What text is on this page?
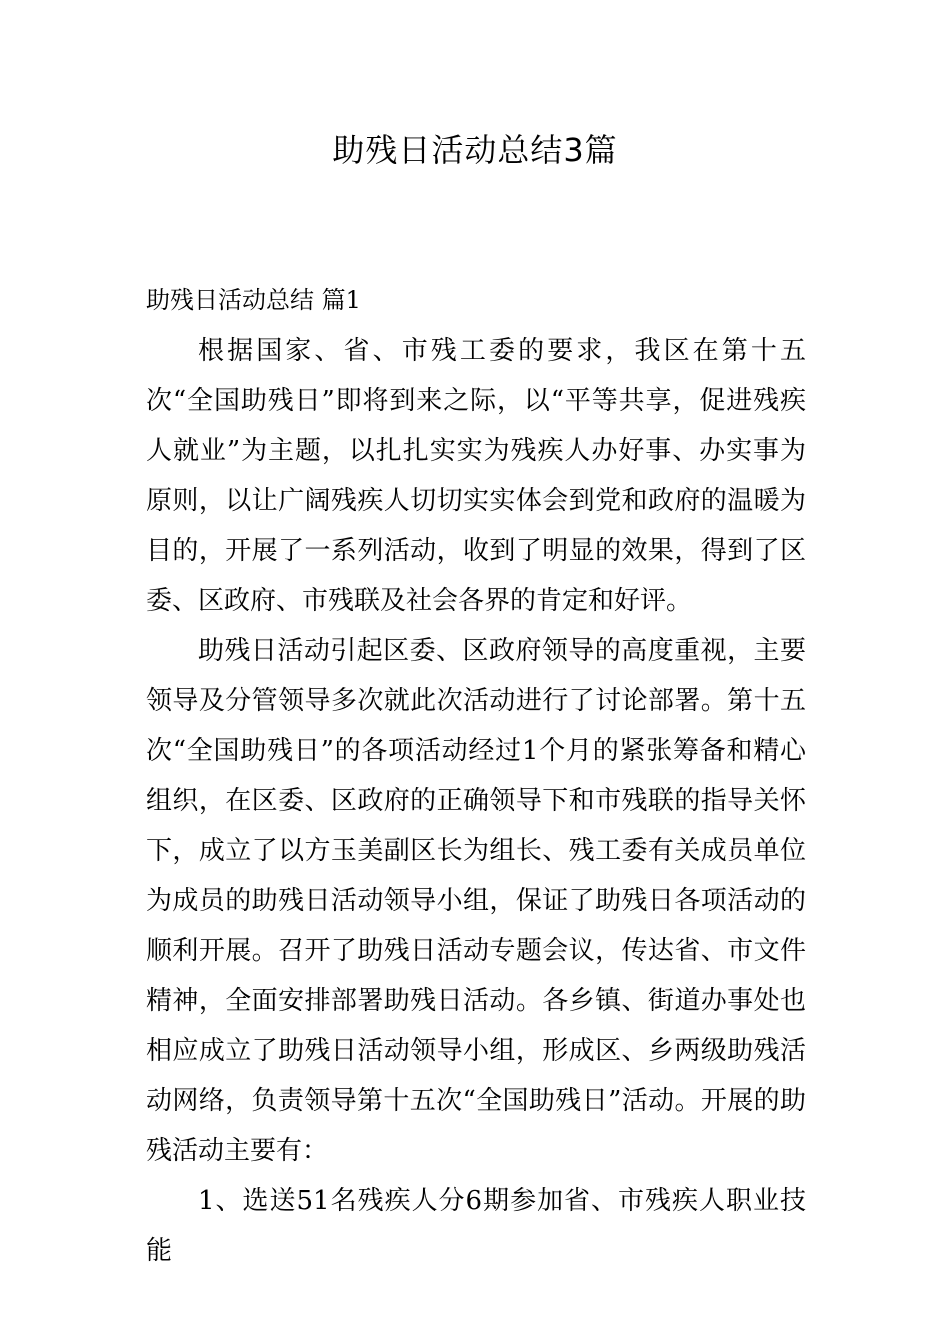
助残日活动总结3篇
助残日活动总结 篇1

根据国家、省、市残工委的要求，我区在第十五次“全国助残日”即将到来之际，以“平等共享，促进残疾人就业”为主题，以扎扎实实为残疾人办好事、办实事为原则，以让广阔残疾人切切实实体会到党和政府的温暖为目的，开展了一系列活动，收到了明显的效果，得到了区委、区政府、市残联及社会各界的肯定和好评。

助残日活动引起区委、区政府领导的高度重视，主要领导及分管领导多次就此次活动进行了讨论部署。第十五次“全国助残日”的各项活动经过1个月的紧张筹备和精心组织，在区委、区政府的正确领导下和市残联的指导关怀下，成立了以方玉美副区长为组长、残工委有关成员单位为成员的助残日活动领导小组，保证了助残日各项活动的顺利开展。召开了助残日活动专题会议，传达省、市文件精神，全面安排部署助残日活动。各乡镇、街道办事处也相应成立了助残日活动领导小组，形成区、乡两级助残活动网络，负责领导第十五次“全国助残日”活动。开展的助残活动主要有：

1、选送51名残疾人分6期参加省、市残疾人职业技能
